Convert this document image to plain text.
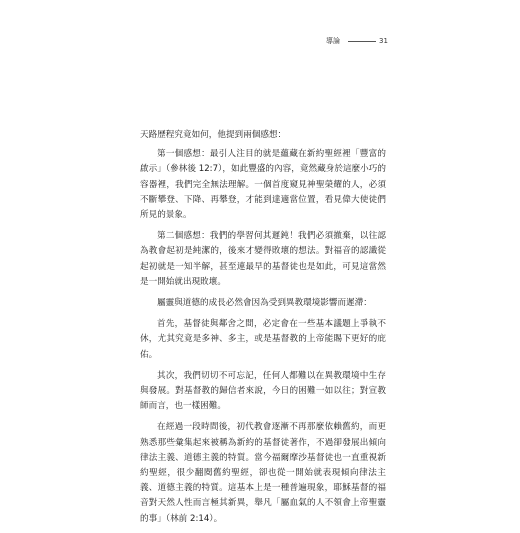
導論	31

天路歷程究竟如何，他提到兩個感想：

第一個感想：最引人注目的就是蘊藏在新約聖經裡「豐富的啟示」（參林後 12:7），如此豐盛的內容，竟然藏身於這麼小巧的容器裡，我們完全無法理解。一個首度窺見神聖榮耀的人，必須不斷攀登、下降、再攀登，才能到達適當位置，看見偉大使徒們所見的景象。

第二個感想：我們的學習何其遲鈍！我們必須撤棄，以往認為教會起初是純潔的，後來才變得敗壞的想法。對福音的認識從起初就是一知半解，甚至連最早的基督徒也是如此，可見這當然是一開始就出現敗壞。

屬靈與道德的成長必然會因為受到異教環境影響而遲滯：

首先，基督徒與鄰舍之間，必定會在一些基本議題上爭執不休，尤其究竟是多神、多主，或是基督教的上帝能賜下更好的庇佑。

其次，我們切切不可忘記，任何人都難以在異教環境中生存與發展。對基督教的歸信者來說，今日的困難一如以往；對宣教師而言，也一樣困難。

在經過一段時間後，初代教會逐漸不再那麼依賴舊約，而更熟悉那些彙集起來被稱為新約的基督徒著作，不過卻發展出傾向律法主義、道德主義的特質。當今福爾摩沙基督徒也一直重視新約聖經，很少翻閱舊約聖經，卻也從一開始就表現傾向律法主義、道德主義的特質。這基本上是一種普遍現象，耶穌基督的福音對天然人性而言極其新異，舉凡「屬血氣的人不領會上帝聖靈的事」（林前 2:14）。
